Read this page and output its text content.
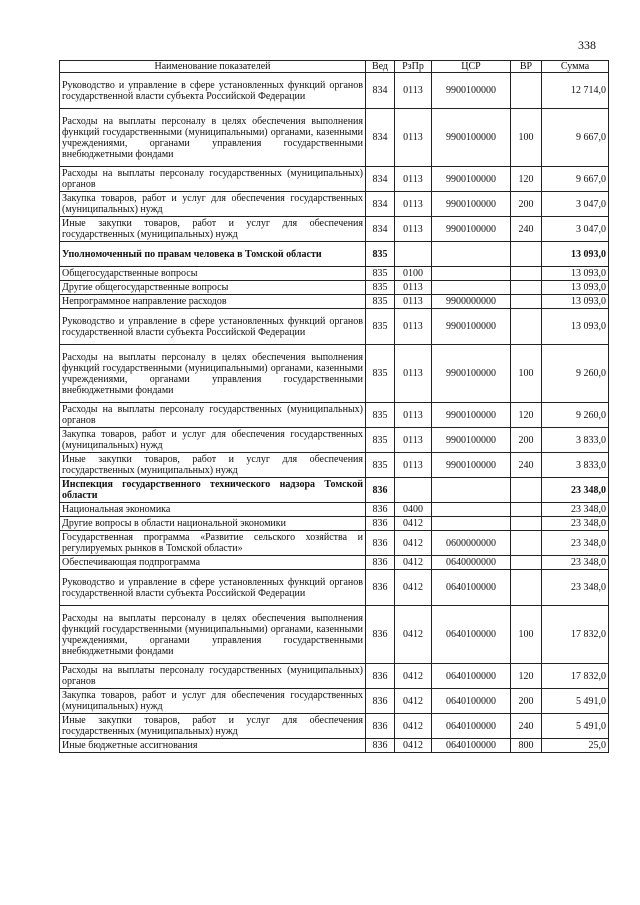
338
Наименование показателей	Вед	РзПр	ЦСР	ВР	Сумма
Руководство и управление в сфере установленных функций органов государственной власти субъекта Российской Федерации	834	0113	9900100000		12 714,0
Расходы на выплаты персоналу в целях обеспечения выполнения функций государственными (муниципальными) органами, казенными учреждениями, органами управления государственными внебюджетными фондами	834	0113	9900100000	100	9 667,0
Расходы на выплаты персоналу государственных (муниципальных) органов	834	0113	9900100000	120	9 667,0
Закупка товаров, работ и услуг для обеспечения государственных (муниципальных) нужд	834	0113	9900100000	200	3 047,0
Иные закупки товаров, работ и услуг для обеспечения государственных (муниципальных) нужд	834	0113	9900100000	240	3 047,0
Уполномоченный по правам человека в Томской области	835				13 093,0
Общегосударственные вопросы	835	0100			13 093,0
Другие общегосударственные вопросы	835	0113			13 093,0
Непрограммное направление расходов	835	0113	9900000000		13 093,0
Руководство и управление в сфере установленных функций органов государственной власти субъекта Российской Федерации	835	0113	9900100000		13 093,0
Расходы на выплаты персоналу в целях обеспечения выполнения функций государственными (муниципальными) органами, казенными учреждениями, органами управления государственными внебюджетными фондами	835	0113	9900100000	100	9 260,0
Расходы на выплаты персоналу государственных (муниципальных) органов	835	0113	9900100000	120	9 260,0
Закупка товаров, работ и услуг для обеспечения государственных (муниципальных) нужд	835	0113	9900100000	200	3 833,0
Иные закупки товаров, работ и услуг для обеспечения государственных (муниципальных) нужд	835	0113	9900100000	240	3 833,0
Инспекция государственного технического надзора Томской области	836				23 348,0
Национальная экономика	836	0400			23 348,0
Другие вопросы в области национальной экономики	836	0412			23 348,0
Государственная программа «Развитие сельского хозяйства и регулируемых рынков в Томской области»	836	0412	0600000000		23 348,0
Обеспечивающая подпрограмма	836	0412	0640000000		23 348,0
Руководство и управление в сфере установленных функций органов государственной власти субъекта Российской Федерации	836	0412	0640100000		23 348,0
Расходы на выплаты персоналу в целях обеспечения выполнения функций государственными (муниципальными) органами, казенными учреждениями, органами управления государственными внебюджетными фондами	836	0412	0640100000	100	17 832,0
Расходы на выплаты персоналу государственных (муниципальных) органов	836	0412	0640100000	120	17 832,0
Закупка товаров, работ и услуг для обеспечения государственных (муниципальных) нужд	836	0412	0640100000	200	5 491,0
Иные закупки товаров, работ и услуг для обеспечения государственных (муниципальных) нужд	836	0412	0640100000	240	5 491,0
Иные бюджетные ассигнования	836	0412	0640100000	800	25,0
